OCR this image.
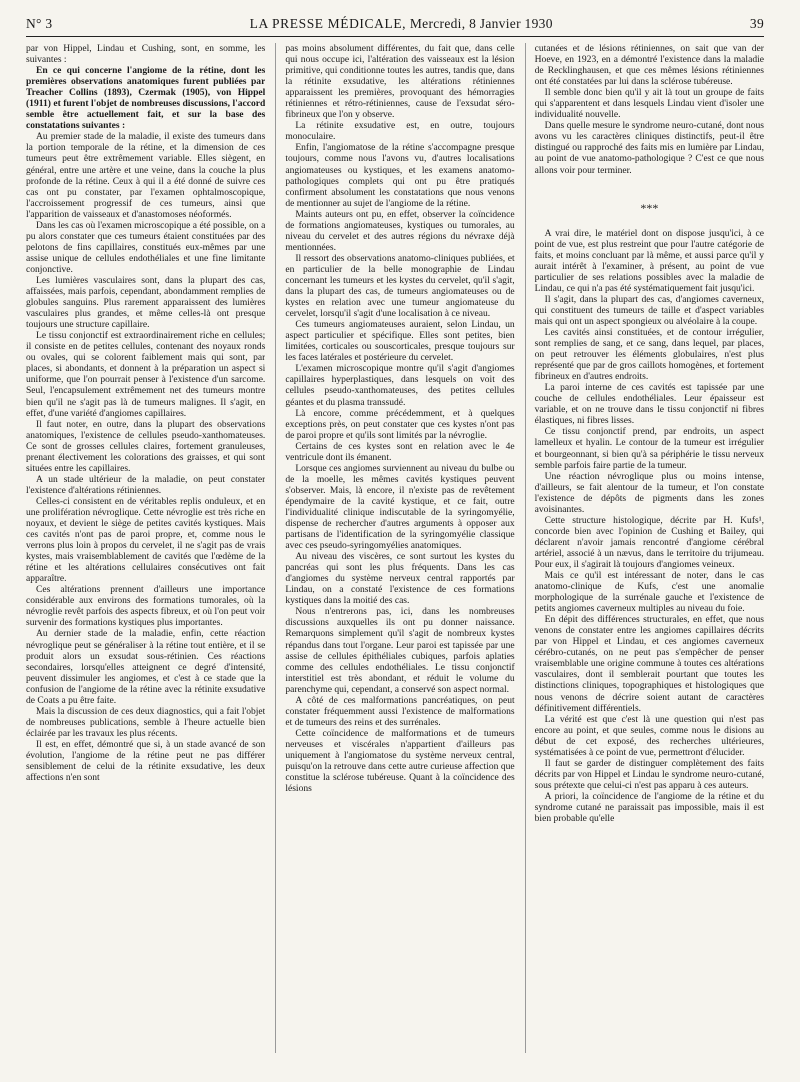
N° 3	LA PRESSE MÉDICALE, Mercredi, 8 Janvier 1930	39

par von Hippel, Lindau et Cushing, sont, en somme, les suivantes :

En ce qui concerne l'angiome de la rétine, dont les premières observations anatomiques furent publiées par Treacher Collins (1893), Czermak (1905), von Hippel (1911) et furent l'objet de nombreuses discussions, l'accord semble être actuellement fait, et sur la base des constatations suivantes :

Au premier stade de la maladie, il existe des tumeurs dans la portion temporale de la rétine, et la dimension de ces tumeurs peut être extrêmement variable. Elles siègent, en général, entre une artère et une veine, dans la couche la plus profonde de la rétine. Ceux à qui il a été donné de suivre ces cas ont pu constater, par l'examen ophtalmoscopique, l'accroissement progressif de ces tumeurs, ainsi que l'apparition de vaisseaux et d'anastomoses néoformés.

Dans les cas où l'examen microscopique a été possible, on a pu alors constater que ces tumeurs étaient constituées par des pelotons de fins capillaires, constitués eux-mêmes par une assise unique de cellules endothéliales et une fine limitante conjonctive.

Les lumières vasculaires sont, dans la plupart des cas, affaissées, mais parfois, cependant, abondamment remplies de globules sanguins. Plus rarement apparaissent des lumières vasculaires plus grandes, et même celles-là ont presque toujours une structure capillaire.

Le tissu conjonctif est extraordinairement riche en cellules; il consiste en de petites cellules, contenant des noyaux ronds ou ovales, qui se colorent faiblement mais qui sont, par places, si abondants, et donnent à la préparation un aspect si uniforme, que l'on pourrait penser à l'existence d'un sarcome. Seul, l'encapsulement extrêmement net des tumeurs montre bien qu'il ne s'agit pas là de tumeurs malignes. Il s'agit, en effet, d'une variété d'angiomes capillaires.

Il faut noter, en outre, dans la plupart des observations anatomiques, l'existence de cellules pseudo-xanthomateuses. Ce sont de grosses cellules claires, fortement granuleuses, prenant électivement les colorations des graisses, et qui sont situées entre les capillaires.

A un stade ultérieur de la maladie, on peut constater l'existence d'altérations rétiniennes.

Celles-ci consistent en de véritables replis onduleux, et en une prolifération névroglique. Cette névroglie est très riche en noyaux, et devient le siège de petites cavités kystiques. Mais ces cavités n'ont pas de paroi propre, et, comme nous le verrons plus loin à propos du cervelet, il ne s'agit pas de vrais kystes, mais vraisemblablement de cavités que l'œdème de la rétine et les altérations cellulaires consécutives ont fait apparaître.

Ces altérations prennent d'ailleurs une importance considérable aux environs des formations tumorales, où la névroglie revêt parfois des aspects fibreux, et où l'on peut voir survenir des formations kystiques plus importantes.

Au dernier stade de la maladie, enfin, cette réaction névroglique peut se généraliser à la rétine tout entière, et il se produit alors un exsudat sous-rétinien. Ces réactions secondaires, lorsqu'elles atteignent ce degré d'intensité, peuvent dissimuler les angiomes, et c'est à ce stade que la confusion de l'angiome de la rétine avec la rétinite exsudative de Coats a pu être faite.

Mais la discussion de ces deux diagnostics, qui a fait l'objet de nombreuses publications, semble à l'heure actuelle bien éclairée par les travaux les plus récents.

Il est, en effet, démontré que si, à un stade avancé de son évolution, l'angiome de la rétine peut ne pas différer sensiblement de celui de la rétinite exsudative, les deux affections n'en sont

pas moins absolument différentes, du fait que, dans celle qui nous occupe ici, l'altération des vaisseaux est la lésion primitive, qui conditionne toutes les autres, tandis que, dans la rétinite exsudative, les altérations rétiniennes apparaissent les premières, provoquant des hémorragies rétiniennes et rétro-rétiniennes, cause de l'exsudat séro-fibrineux que l'on y observe.

La rétinite exsudative est, en outre, toujours monoculaire.

Enfin, l'angiomatose de la rétine s'accompagne presque toujours, comme nous l'avons vu, d'autres localisations angiomateuses ou kystiques, et les examens anatomo-pathologiques complets qui ont pu être pratiqués confirment absolument les constatations que nous venons de mentionner au sujet de l'angiome de la rétine.

Maints auteurs ont pu, en effet, observer la coïncidence de formations angiomateuses, kystiques ou tumorales, au niveau du cervelet et des autres régions du névraxe déjà mentionnées.

Il ressort des observations anatomo-cliniques publiées, et en particulier de la belle monographie de Lindau concernant les tumeurs et les kystes du cervelet, qu'il s'agit, dans la plupart des cas, de tumeurs angiomateuses ou de kystes en relation avec une tumeur angiomateuse du cervelet, lorsqu'il s'agit d'une localisation à ce niveau.

Ces tumeurs angiomateuses auraient, selon Lindau, un aspect particulier et spécifique. Elles sont petites, bien limitées, corticales ou souscorticales, presque toujours sur les faces latérales et postérieure du cervelet.

L'examen microscopique montre qu'il s'agit d'angiomes capillaires hyperplastiques, dans lesquels on voit des cellules pseudo-xanthomateuses, des petites cellules géantes et du plasma transsudé.

Là encore, comme précédemment, et à quelques exceptions près, on peut constater que ces kystes n'ont pas de paroi propre et qu'ils sont limités par la névroglie.

Certains de ces kystes sont en relation avec le 4e ventricule dont ils émanent.

Lorsque ces angiomes surviennent au niveau du bulbe ou de la moelle, les mêmes cavités kystiques peuvent s'observer. Mais, là encore, il n'existe pas de revêtement épendymaire de la cavité kystique, et ce fait, outre l'individualité clinique indiscutable de la syringomyélie, dispense de rechercher d'autres arguments à opposer aux partisans de l'identification de la syringomyélie classique avec ces pseudo-syringomyélies anatomiques.

Au niveau des viscères, ce sont surtout les kystes du pancréas qui sont les plus fréquents. Dans les cas d'angiomes du système nerveux central rapportés par Lindau, on a constaté l'existence de ces formations kystiques dans la moitié des cas.

Nous n'entrerons pas, ici, dans les nombreuses discussions auxquelles ils ont pu donner naissance. Remarquons simplement qu'il s'agit de nombreux kystes répandus dans tout l'organe. Leur paroi est tapissée par une assise de cellules épithéliales cubiques, parfois aplaties comme des cellules endothéliales. Le tissu conjonctif interstitiel est très abondant, et réduit le volume du parenchyme qui, cependant, a conservé son aspect normal.

A côté de ces malformations pancréatiques, on peut constater fréquemment aussi l'existence de malformations et de tumeurs des reins et des surrénales.

Cette coïncidence de malformations et de tumeurs nerveuses et viscérales n'appartient d'ailleurs pas uniquement à l'angiomatose du système nerveux central, puisqu'on la retrouve dans cette autre curieuse affection que constitue la sclérose tubéreuse. Quant à la coïncidence des lésions

cutanées et de lésions rétiniennes, on sait que van der Hoeve, en 1923, en a démontré l'existence dans la maladie de Recklinghausen, et que ces mêmes lésions rétiniennes ont été constatées par lui dans la sclérose tubéreuse.

Il semble donc bien qu'il y ait là tout un groupe de faits qui s'apparentent et dans lesquels Lindau vient d'isoler une individualité nouvelle.

Dans quelle mesure le syndrome neuro-cutané, dont nous avons vu les caractères cliniques distinctifs, peut-il être distingué ou rapproché des faits mis en lumière par Lindau, au point de vue anatomo-pathologique ? C'est ce que nous allons voir pour terminer.

***

A vrai dire, le matériel dont on dispose jusqu'ici, à ce point de vue, est plus restreint que pour l'autre catégorie de faits, et moins concluant par là même, et aussi parce qu'il y aurait intérêt à l'examiner, à présent, au point de vue particulier de ses relations possibles avec la maladie de Lindau, ce qui n'a pas été systématiquement fait jusqu'ici.

Il s'agit, dans la plupart des cas, d'angiomes caverneux, qui constituent des tumeurs de taille et d'aspect variables mais qui ont un aspect spongieux ou alvéolaire à la coupe.

Les cavités ainsi constituées, et de contour irrégulier, sont remplies de sang, et ce sang, dans lequel, par places, on peut retrouver les éléments globulaires, n'est plus représenté que par de gros caillots homogènes, et fortement fibrineux en d'autres endroits.

La paroi interne de ces cavités est tapissée par une couche de cellules endothéliales. Leur épaisseur est variable, et on ne trouve dans le tissu conjonctif ni fibres élastiques, ni fibres lisses.

Ce tissu conjonctif prend, par endroits, un aspect lamelleux et hyalin. Le contour de la tumeur est irrégulier et bourgeonnant, si bien qu'à sa périphérie le tissu nerveux semble parfois faire partie de la tumeur.

Une réaction névroglique plus ou moins intense, d'ailleurs, se fait alentour de la tumeur, et l'on constate l'existence de dépôts de pigments dans les zones avoisinantes.

Cette structure histologique, décrite par H. Kufs¹, concorde bien avec l'opinion de Cushing et Bailey, qui déclarent n'avoir jamais rencontré d'angiome cérébral artériel, associé à un nævus, dans le territoire du trijumeau. Pour eux, il s'agirait là toujours d'angiomes veineux.

Mais ce qu'il est intéressant de noter, dans le cas anatomo-clinique de Kufs, c'est une anomalie morphologique de la surrénale gauche et l'existence de petits angiomes caverneux multiples au niveau du foie.

En dépit des différences structurales, en effet, que nous venons de constater entre les angiomes capillaires décrits par von Hippel et Lindau, et ces angiomes caverneux cérébro-cutanés, on ne peut pas s'empêcher de penser vraisemblable une origine commune à toutes ces altérations vasculaires, dont il semblerait pourtant que toutes les distinctions cliniques, topographiques et histologiques que nous venons de décrire soient autant de caractères définitivement différentiels.

La vérité est que c'est là une question qui n'est pas encore au point, et que seules, comme nous le disions au début de cet exposé, des recherches ultérieures, systématisées à ce point de vue, permettront d'élucider.

Il faut se garder de distinguer complètement des faits décrits par von Hippel et Lindau le syndrome neuro-cutané, sous prétexte que celui-ci n'est pas apparu à ces auteurs.

A priori, la coïncidence de l'angiome de la rétine et du syndrome cutané ne paraissait pas impossible, mais il est bien probable qu'elle
